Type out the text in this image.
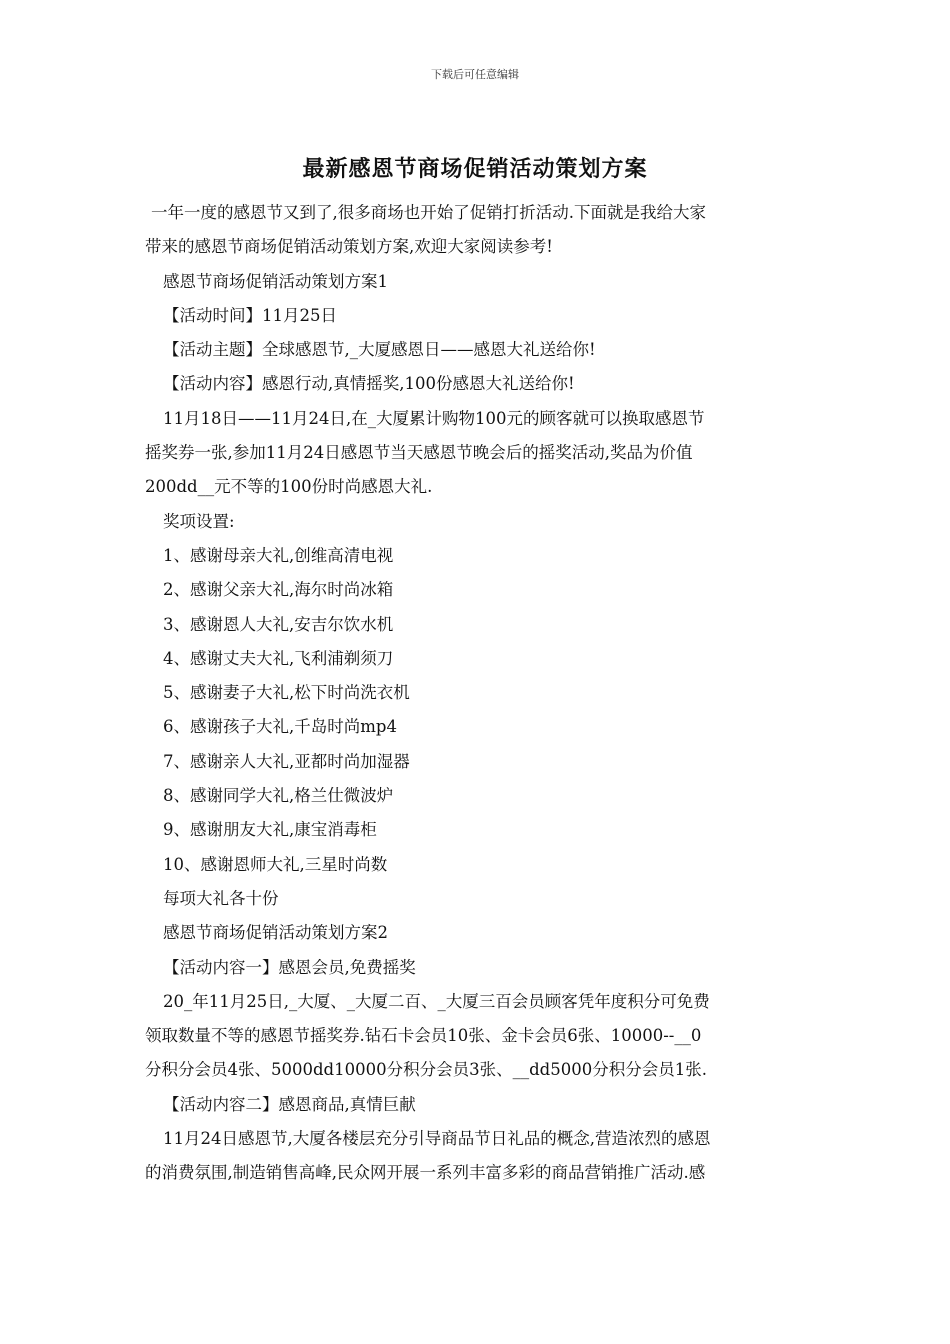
下载后可任意编辑
最新感恩节商场促销活动策划方案
一年一度的感恩节又到了,很多商场也开始了促销打折活动.下面就是我给大家
带来的感恩节商场促销活动策划方案,欢迎大家阅读参考!
感恩节商场促销活动策划方案1
【活动时间】11月25日
【活动主题】全球感恩节,_大厦感恩日——感恩大礼送给你!
【活动内容】感恩行动,真情摇奖,100份感恩大礼送给你!
11月18日——11月24日,在_大厦累计购物100元的顾客就可以换取感恩节
摇奖券一张,参加11月24日感恩节当天感恩节晚会后的摇奖活动,奖品为价值
200dd__元不等的100份时尚感恩大礼.
奖项设置:
1、感谢母亲大礼,创维高清电视
2、感谢父亲大礼,海尔时尚冰箱
3、感谢恩人大礼,安吉尔饮水机
4、感谢丈夫大礼,飞利浦剃须刀
5、感谢妻子大礼,松下时尚洗衣机
6、感谢孩子大礼,千岛时尚mp4
7、感谢亲人大礼,亚都时尚加湿器
8、感谢同学大礼,格兰仕微波炉
9、感谢朋友大礼,康宝消毒柜
10、感谢恩师大礼,三星时尚数
每项大礼各十份
感恩节商场促销活动策划方案2
【活动内容一】感恩会员,免费摇奖
20_年11月25日,_大厦、_大厦二百、_大厦三百会员顾客凭年度积分可免费
领取数量不等的感恩节摇奖券.钻石卡会员10张、金卡会员6张、10000--__0
分积分会员4张、5000dd10000分积分会员3张、__dd5000分积分会员1张.
【活动内容二】感恩商品,真情巨献
11月24日感恩节,大厦各楼层充分引导商品节日礼品的概念,营造浓烈的感恩
的消费氛围,制造销售高峰,民众网开展一系列丰富多彩的商品营销推广活动.感
